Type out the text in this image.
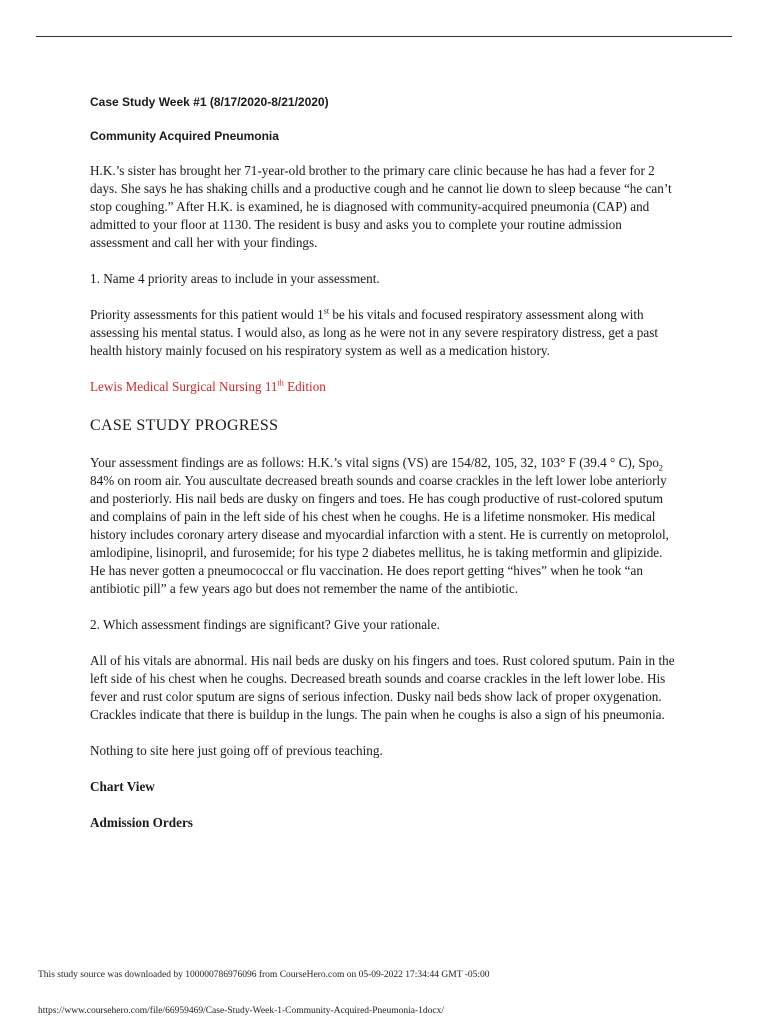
Case Study Week #1 (8/17/2020-8/21/2020)

Community Acquired Pneumonia

H.K.’s sister has brought her 71-year-old brother to the primary care clinic because he has had a fever for 2 days. She says he has shaking chills and a productive cough and he cannot lie down to sleep because “he can’t stop coughing.” After H.K. is examined, he is diagnosed with community-acquired pneumonia (CAP) and admitted to your floor at 1130. The resident is busy and asks you to complete your routine admission assessment and call her with your findings.

1. Name 4 priority areas to include in your assessment.

Priority assessments for this patient would 1st be his vitals and focused respiratory assessment along with assessing his mental status. I would also, as long as he were not in any severe respiratory distress, get a past health history mainly focused on his respiratory system as well as a medication history.

Lewis Medical Surgical Nursing 11th Edition

CASE STUDY PROGRESS

Your assessment findings are as follows: H.K.’s vital signs (VS) are 154/82, 105, 32, 103° F (39.4 ° C), Spo$_2$ 84% on room air. You auscultate decreased breath sounds and coarse crackles in the left lower lobe anteriorly and posteriorly. His nail beds are dusky on fingers and toes. He has cough productive of rust-colored sputum and complains of pain in the left side of his chest when he coughs. He is a lifetime nonsmoker. His medical history includes coronary artery disease and myocardial infarction with a stent. He is currently on metoprolol, amlodipine, lisinopril, and furosemide; for his type 2 diabetes mellitus, he is taking metformin and glipizide. He has never gotten a pneumococcal or flu vaccination. He does report getting “hives” when he took “an antibiotic pill” a few years ago but does not remember the name of the antibiotic.

2. Which assessment findings are significant? Give your rationale.

All of his vitals are abnormal. His nail beds are dusky on his fingers and toes. Rust colored sputum. Pain in the left side of his chest when he coughs. Decreased breath sounds and coarse crackles in the left lower lobe. His fever and rust color sputum are signs of serious infection. Dusky nail beds show lack of proper oxygenation. Crackles indicate that there is buildup in the lungs. The pain when he coughs is also a sign of his pneumonia.

Nothing to site here just going off of previous teaching.

Chart View

Admission Orders

This study source was downloaded by 100000786976096 from CourseHero.com on 05-09-2022 17:34:44 GMT -05:00
https://www.coursehero.com/file/66959469/Case-Study-Week-1-Community-Acquired-Pneumonia-1docx/
